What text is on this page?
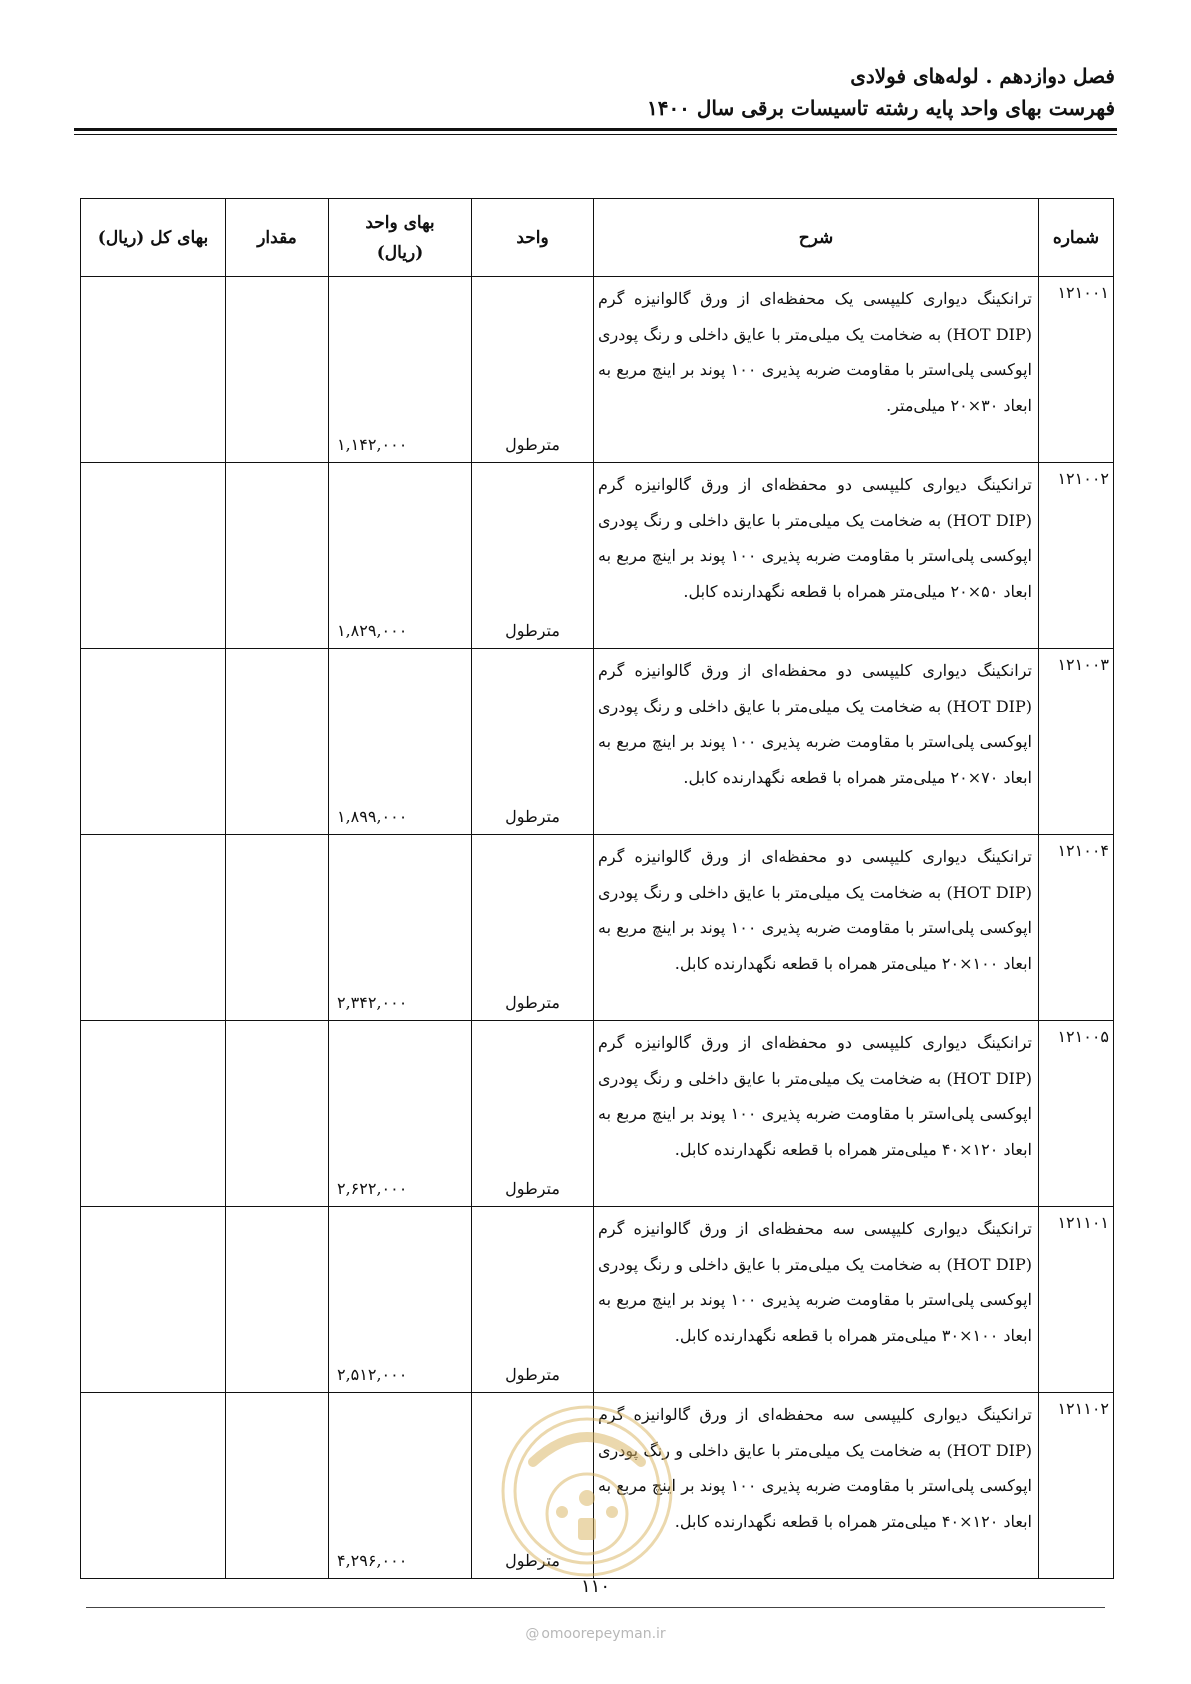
فصل دوازدهم . لوله‌های فولادی
فهرست بهای واحد پایه رشته تاسیسات برقی سال ۱۴۰۰
شماره	شرح	واحد	بهای واحد (ریال)	مقدار	بهای کل (ریال)
۱۲۱۰۰۱	ترانکینگ دیواری کلیپسی یک محفظه‌ای از ورق گالوانیزه گرم (HOT DIP) به ضخامت یک میلی‌متر با عایق داخلی و رنگ پودری اپوکسی پلی‌استر با مقاومت ضربه پذیری ۱۰۰ پوند بر اینچ مربع به ابعاد ۳۰×۲۰ میلی‌متر.	مترطول	۱,۱۴۲,۰۰۰		
۱۲۱۰۰۲	ترانکینگ دیواری کلیپسی دو محفظه‌ای از ورق گالوانیزه گرم (HOT DIP) به ضخامت یک میلی‌متر با عایق داخلی و رنگ پودری اپوکسی پلی‌استر با مقاومت ضربه پذیری ۱۰۰ پوند بر اینچ مربع به ابعاد ۵۰×۲۰ میلی‌متر همراه با قطعه نگهدارنده کابل.	مترطول	۱,۸۲۹,۰۰۰		
۱۲۱۰۰۳	ترانکینگ دیواری کلیپسی دو محفظه‌ای از ورق گالوانیزه گرم (HOT DIP) به ضخامت یک میلی‌متر با عایق داخلی و رنگ پودری اپوکسی پلی‌استر با مقاومت ضربه پذیری ۱۰۰ پوند بر اینچ مربع به ابعاد ۷۰×۲۰ میلی‌متر همراه با قطعه نگهدارنده کابل.	مترطول	۱,۸۹۹,۰۰۰		
۱۲۱۰۰۴	ترانکینگ دیواری کلیپسی دو محفظه‌ای از ورق گالوانیزه گرم (HOT DIP) به ضخامت یک میلی‌متر با عایق داخلی و رنگ پودری اپوکسی پلی‌استر با مقاومت ضربه پذیری ۱۰۰ پوند بر اینچ مربع به ابعاد ۱۰۰×۲۰ میلی‌متر همراه با قطعه نگهدارنده کابل.	مترطول	۲,۳۴۲,۰۰۰		
۱۲۱۰۰۵	ترانکینگ دیواری کلیپسی دو محفظه‌ای از ورق گالوانیزه گرم (HOT DIP) به ضخامت یک میلی‌متر با عایق داخلی و رنگ پودری اپوکسی پلی‌استر با مقاومت ضربه پذیری ۱۰۰ پوند بر اینچ مربع به ابعاد ۱۲۰×۴۰ میلی‌متر همراه با قطعه نگهدارنده کابل.	مترطول	۲,۶۲۲,۰۰۰		
۱۲۱۱۰۱	ترانکینگ دیواری کلیپسی سه محفظه‌ای از ورق گالوانیزه گرم (HOT DIP) به ضخامت یک میلی‌متر با عایق داخلی و رنگ پودری اپوکسی پلی‌استر با مقاومت ضربه پذیری ۱۰۰ پوند بر اینچ مربع به ابعاد ۱۰۰×۳۰ میلی‌متر همراه با قطعه نگهدارنده کابل.	مترطول	۲,۵۱۲,۰۰۰		
۱۲۱۱۰۲	ترانکینگ دیواری کلیپسی سه محفظه‌ای از ورق گالوانیزه گرم (HOT DIP) به ضخامت یک میلی‌متر با عایق داخلی و رنگ پودری اپوکسی پلی‌استر با مقاومت ضربه پذیری ۱۰۰ پوند بر اینچ مربع به ابعاد ۱۲۰×۴۰ میلی‌متر همراه با قطعه نگهدارنده کابل.	مترطول	۴,۲۹۶,۰۰۰		
۱۱۰
@ omoorepeyman.ir
